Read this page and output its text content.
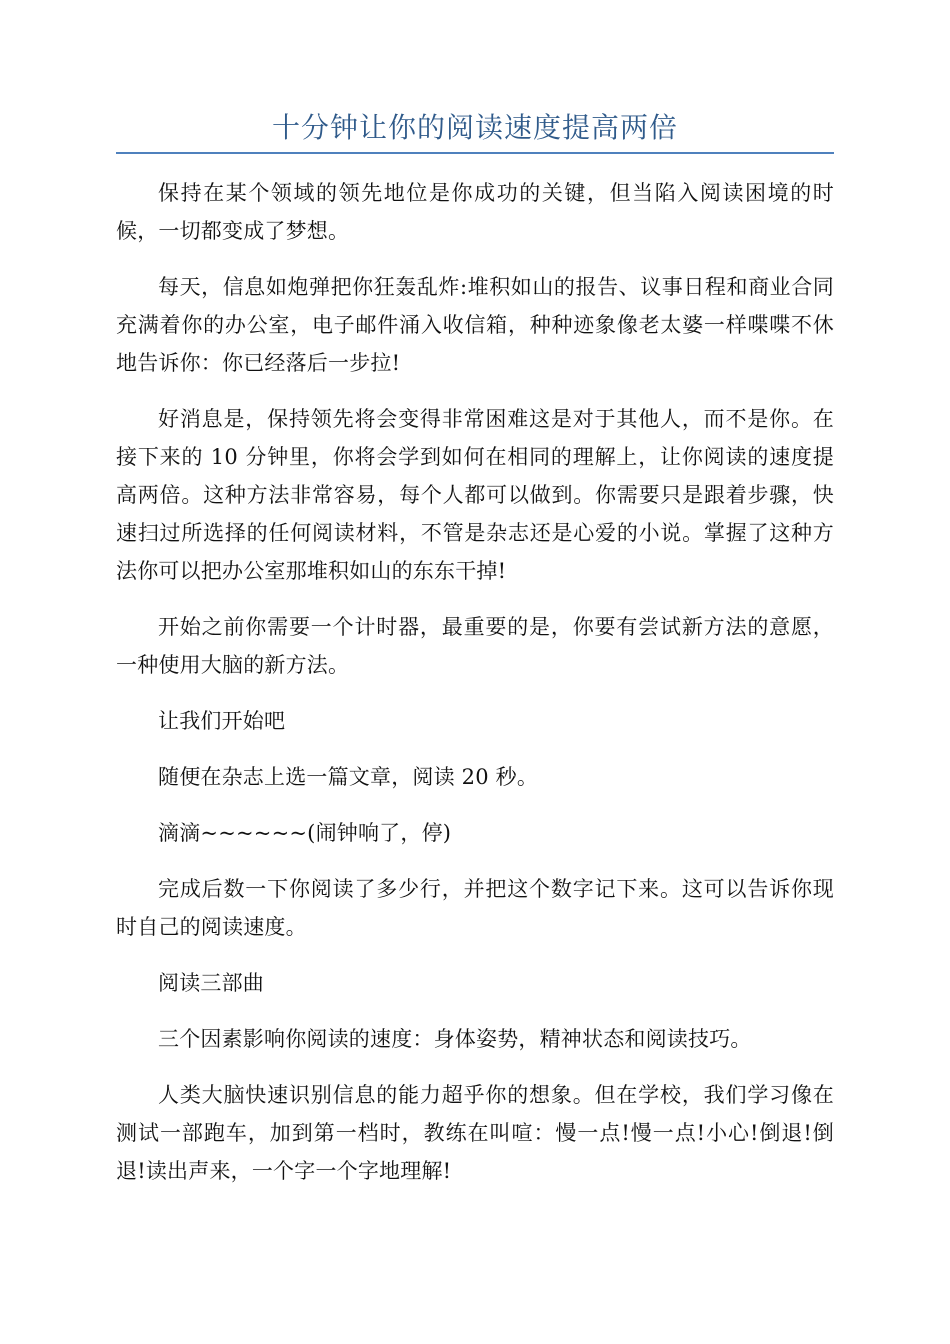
十分钟让你的阅读速度提高两倍

保持在某个领域的领先地位是你成功的关键，但当陷入阅读困境的时候，一切都变成了梦想。

每天，信息如炮弹把你狂轰乱炸:堆积如山的报告、议事日程和商业合同充满着你的办公室，电子邮件涌入收信箱，种种迹象像老太婆一样喋喋不休地告诉你：你已经落后一步拉!

好消息是，保持领先将会变得非常困难这是对于其他人，而不是你。在接下来的 10 分钟里，你将会学到如何在相同的理解上，让你阅读的速度提高两倍。这种方法非常容易，每个人都可以做到。你需要只是跟着步骤，快速扫过所选择的任何阅读材料，不管是杂志还是心爱的小说。掌握了这种方法你可以把办公室那堆积如山的东东干掉!

开始之前你需要一个计时器，最重要的是，你要有尝试新方法的意愿，一种使用大脑的新方法。

让我们开始吧

随便在杂志上选一篇文章，阅读 20 秒。

滴滴~~~~~~(闹钟响了，停)

完成后数一下你阅读了多少行，并把这个数字记下来。这可以告诉你现时自己的阅读速度。

阅读三部曲

三个因素影响你阅读的速度：身体姿势，精神状态和阅读技巧。

人类大脑快速识别信息的能力超乎你的想象。但在学校，我们学习像在测试一部跑车，加到第一档时，教练在叫喧：慢一点!慢一点!小心!倒退!倒退!读出声来，一个字一个字地理解!
